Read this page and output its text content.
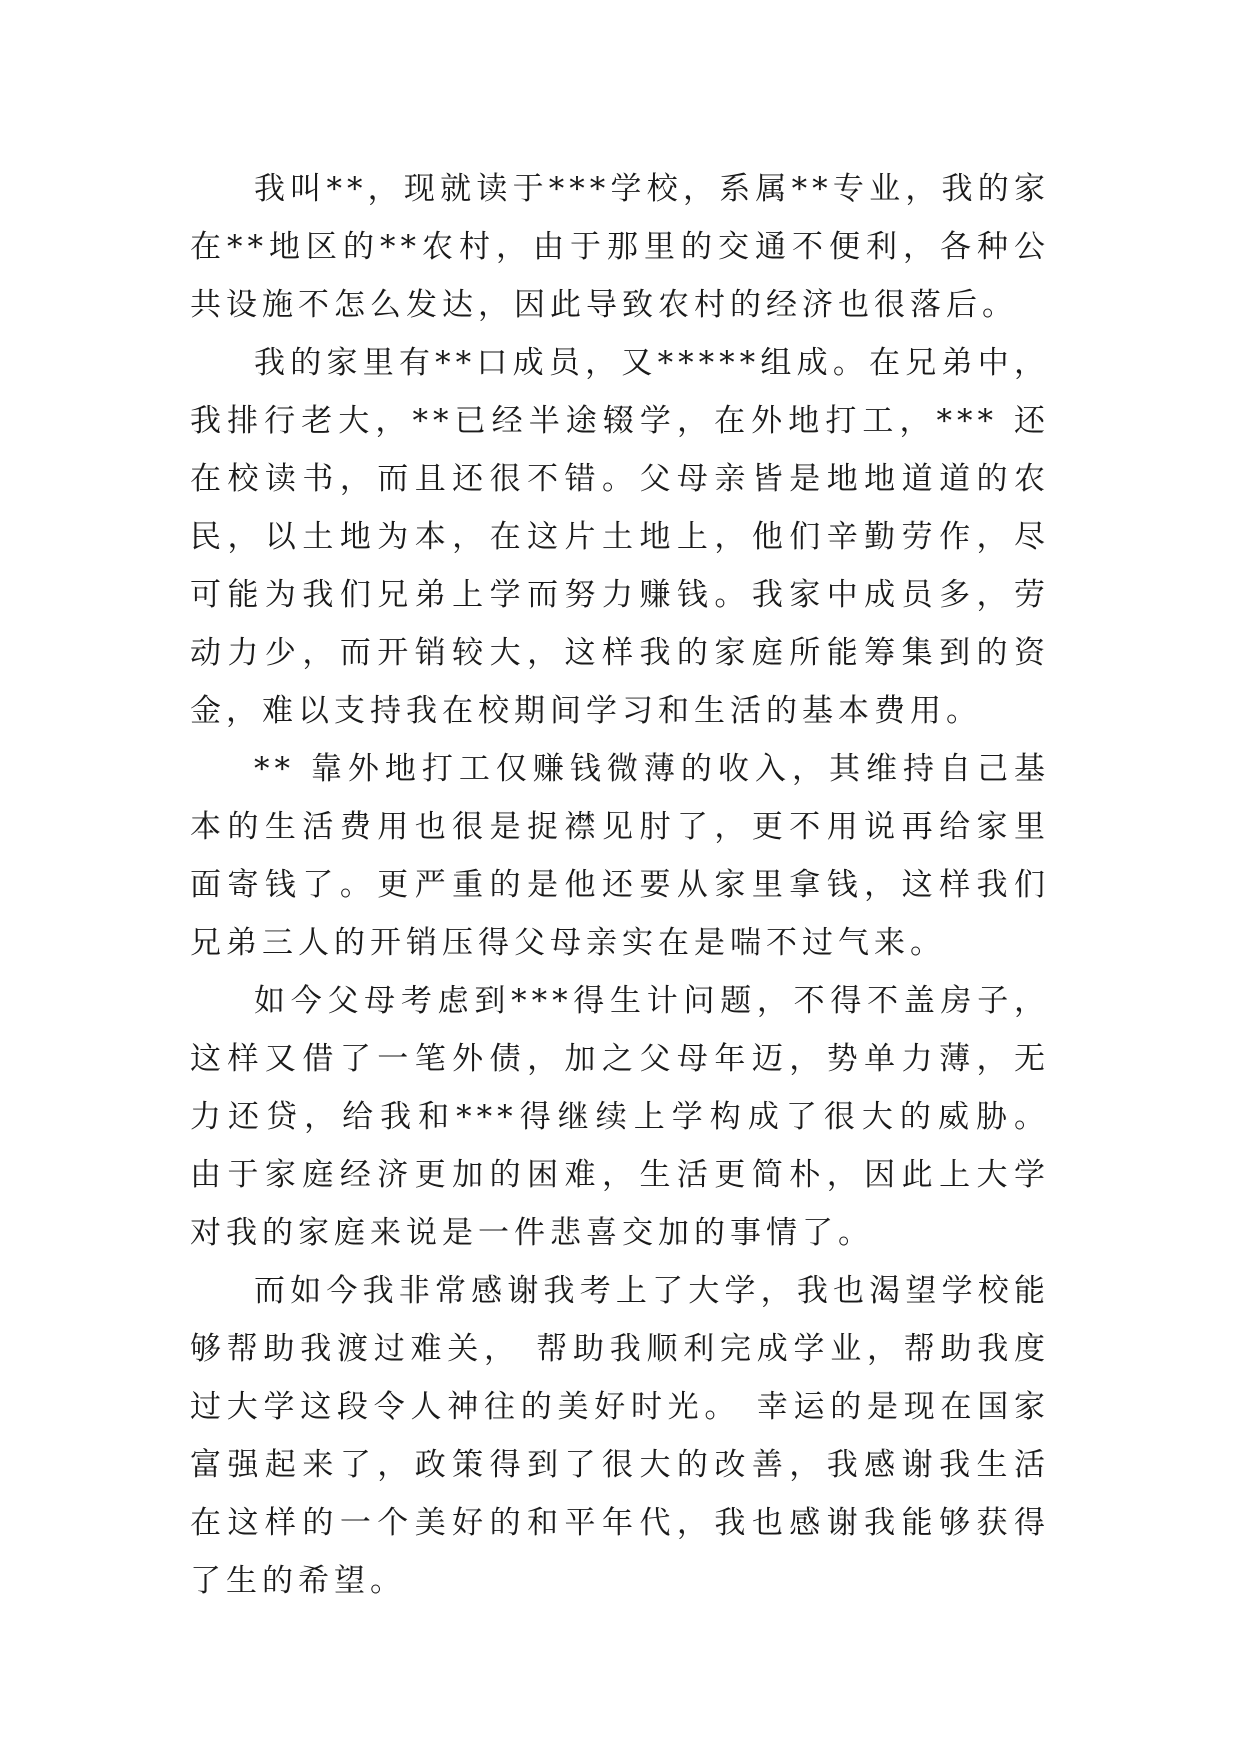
我叫**，现就读于***学校，系属**专业，我的家在**地区的**农村，由于那里的交通不便利，各种公共设施不怎么发达，因此导致农村的经济也很落后。

我的家里有**口成员，又*****组成。在兄弟中，我排行老大，**已经半途辍学，在外地打工，*** 还在校读书，而且还很不错。父母亲皆是地地道道的农民，以土地为本，在这片土地上，他们辛勤劳作，尽可能为我们兄弟上学而努力赚钱。我家中成员多，劳动力少，而开销较大，这样我的家庭所能筹集到的资金，难以支持我在校期间学习和生活的基本费用。

** 靠外地打工仅赚钱微薄的收入，其维持自己基本的生活费用也很是捉襟见肘了，更不用说再给家里面寄钱了。更严重的是他还要从家里拿钱，这样我们兄弟三人的开销压得父母亲实在是喘不过气来。

如今父母考虑到***得生计问题，不得不盖房子，这样又借了一笔外债，加之父母年迈，势单力薄，无力还贷，给我和***得继续上学构成了很大的威胁。 由于家庭经济更加的困难，生活更简朴，因此上大学对我的家庭来说是一件悲喜交加的事情了。

而如今我非常感谢我考上了大学，我也渴望学校能够帮助我渡过难关， 帮助我顺利完成学业，帮助我度过大学这段令人神往的美好时光。 幸运的是现在国家富强起来了，政策得到了很大的改善，我感谢我生活在这样的一个美好的和平年代，我也感谢我能够获得了生的希望。
